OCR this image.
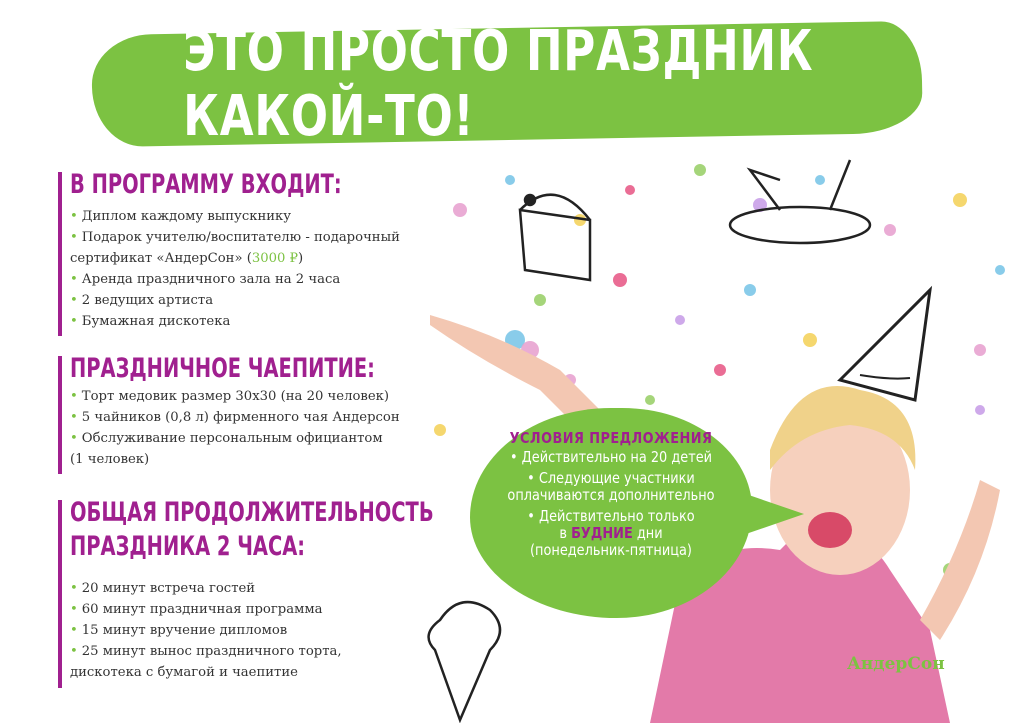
ЭТО ПРОСТО ПРАЗДНИК КАКОЙ-ТО!
В ПРОГРАММУ ВХОДИТ:
• Диплом каждому выпускнику
• Подарок учителю/воспитателю - подарочный
сертификат «АндерСон» (3000 ₽)
• Аренда праздничного зала на 2 часа
• 2 ведущих артиста
• Бумажная дискотека
ПРАЗДНИЧНОЕ ЧАЕПИТИЕ:
• Торт медовик размер 30х30 (на 20 человек)
• 5 чайников (0,8 л) фирменного чая Андерсон
• Обслуживание персональным официантом
(1 человек)
ОБЩАЯ ПРОДОЛЖИТЕЛЬНОСТЬ
ПРАЗДНИКА 2 ЧАСА:
• 20 минут встреча гостей
• 60 минут праздничная программа
• 15 минут вручение дипломов
• 25 минут вынос праздничного торта,
дискотека с бумагой и чаепитие
УСЛОВИЯ ПРЕДЛОЖЕНИЯ
• Действительно на 20 детей
• Следующие участники
оплачиваются дополнительно
• Действительно только
в БУДНИЕ дни
(понедельник-пятница)
АндерСон
